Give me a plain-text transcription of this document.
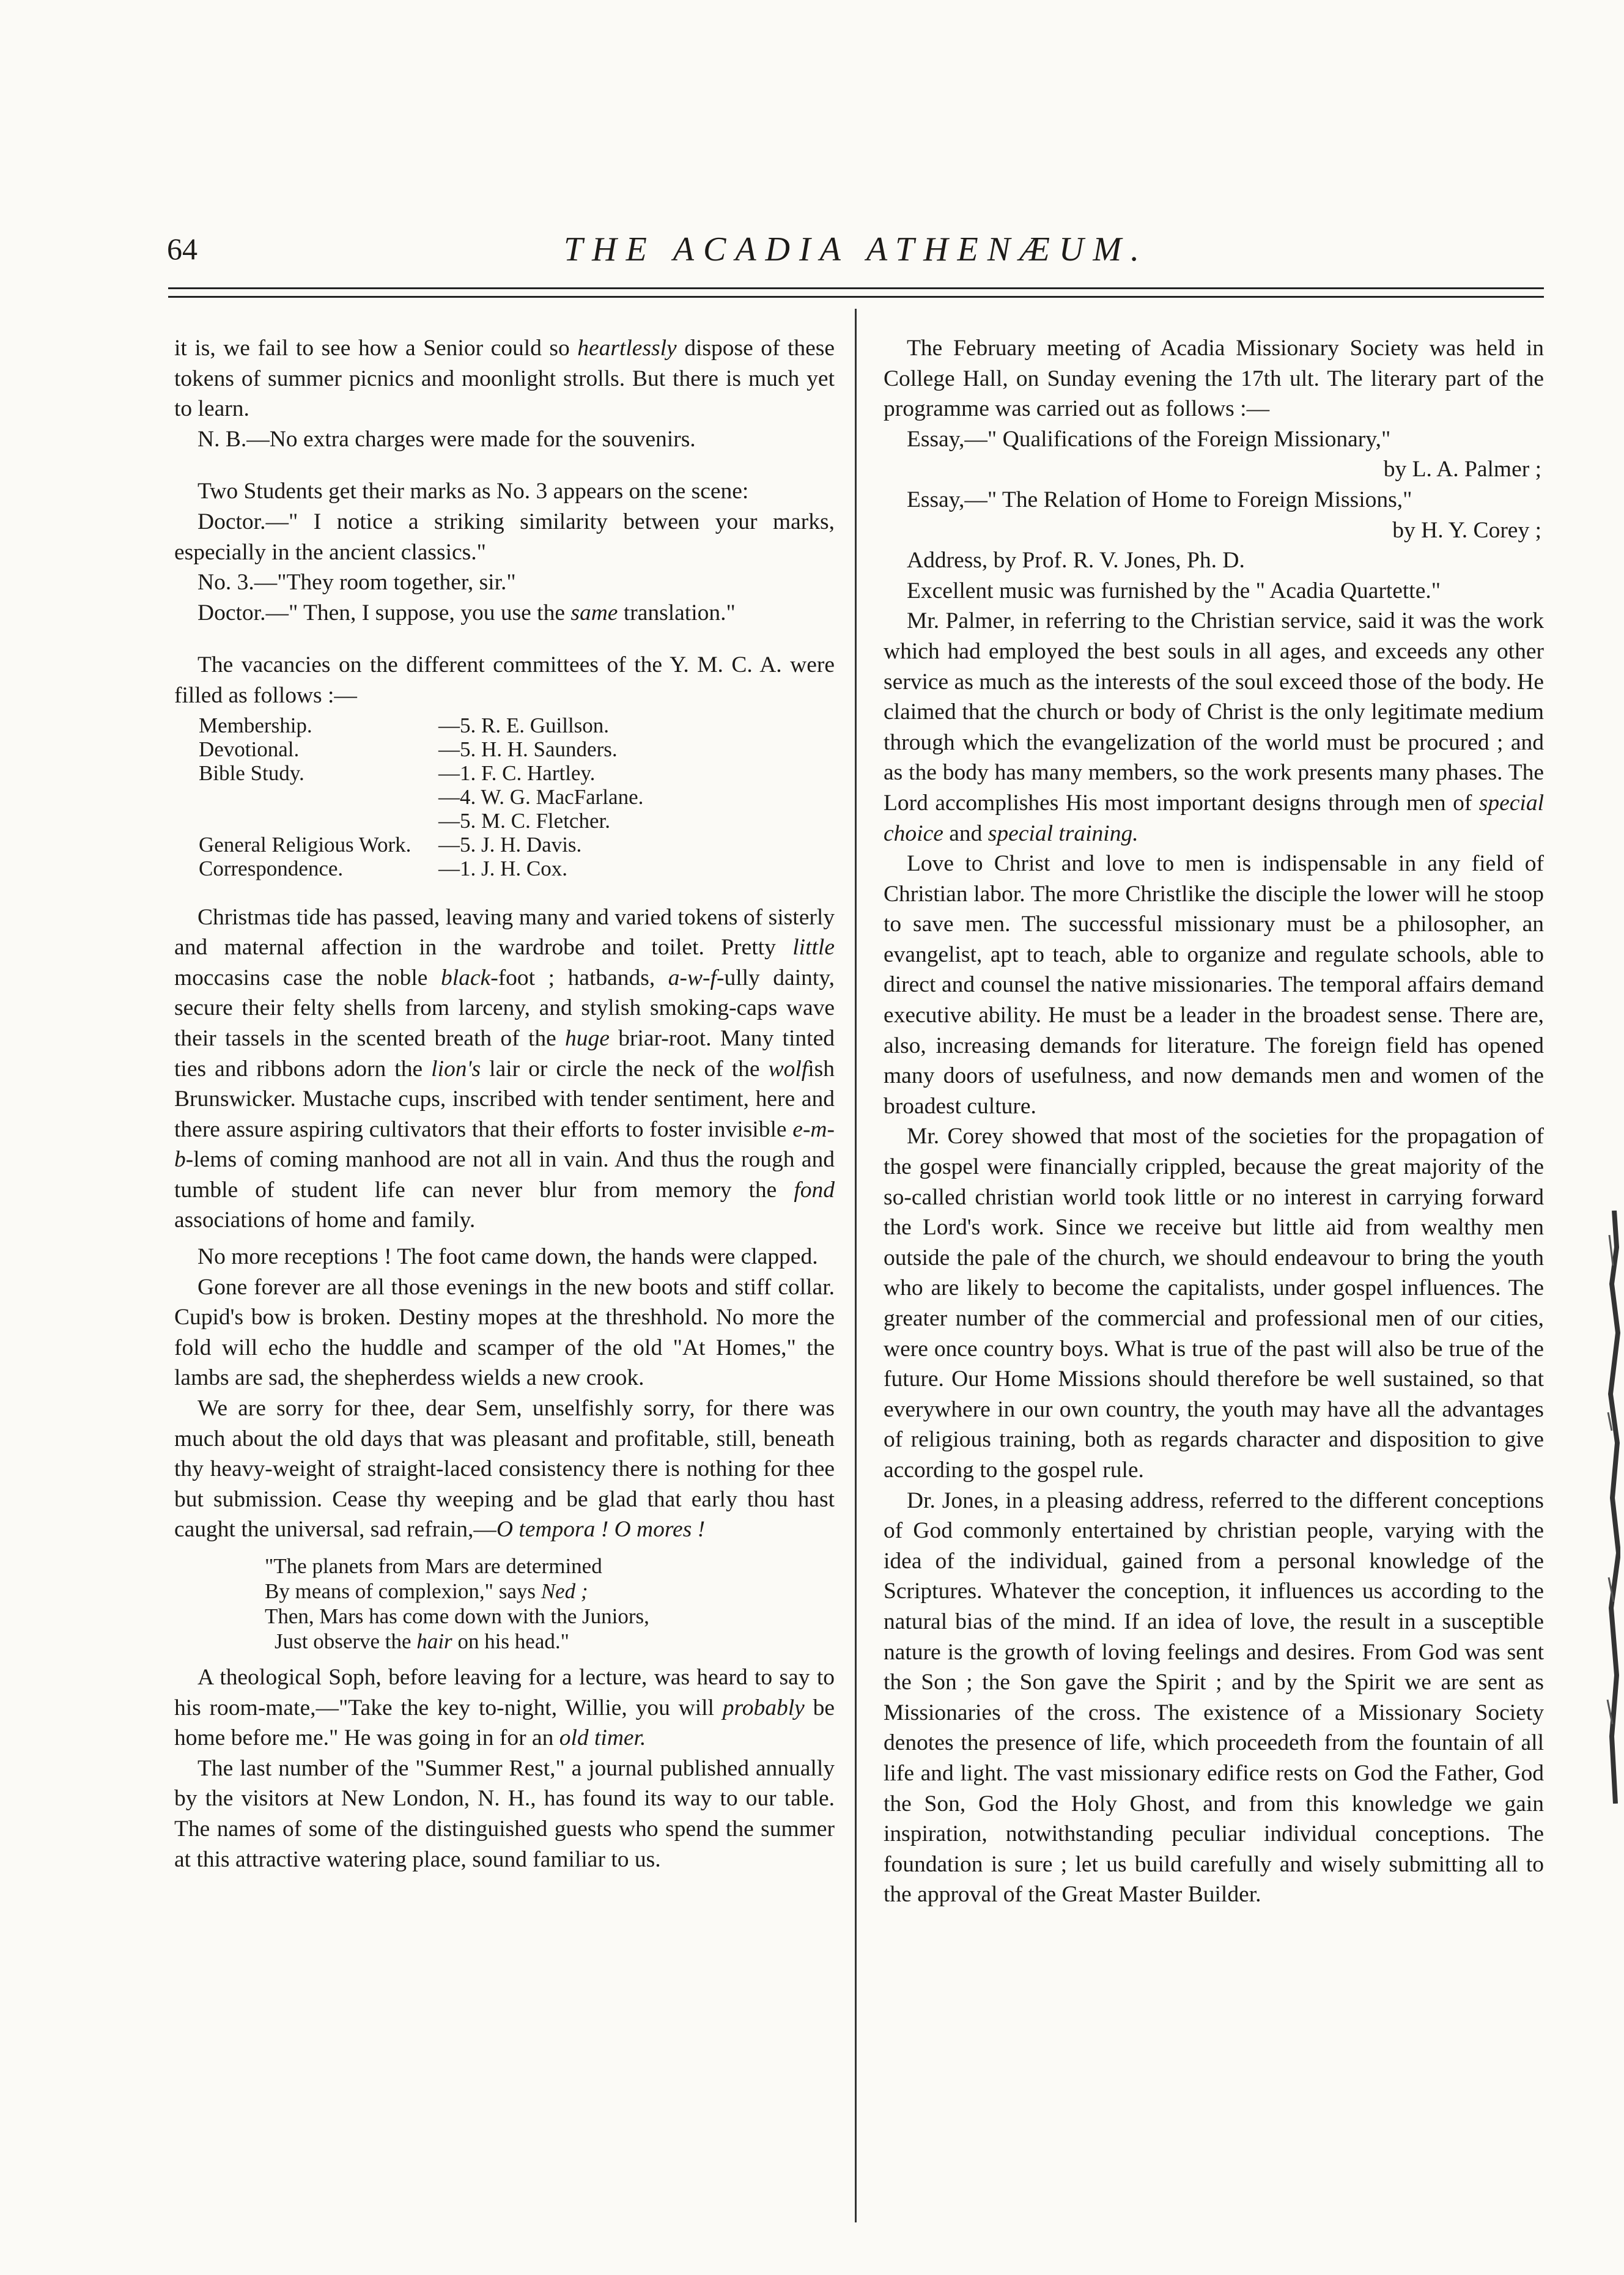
64	THE ACADIA ATHENÆUM.

it is, we fail to see how a Senior could so heartlessly dispose of these tokens of summer picnics and moonlight strolls. But there is much yet to learn.

N. B.—No extra charges were made for the souvenirs.

Two Students get their marks as No. 3 appears on the scene:

Doctor.—" I notice a striking similarity between your marks, especially in the ancient classics."

No. 3.—"They room together, sir."

Doctor.—" Then, I suppose, you use the same translation."

The vacancies on the different committees of the Y. M. C. A. were filled as follows :—

Membership.	—5. R. E. Guillson.
Devotional.	—5. H. H. Saunders.
Bible Study.	—1. F. C. Hartley.
	—4. W. G. MacFarlane.
	—5. M. C. Fletcher.
General Religious Work.	—5. J. H. Davis.
Correspondence.	—1. J. H. Cox.

Christmas tide has passed, leaving many and varied tokens of sisterly and maternal affection in the wardrobe and toilet. Pretty little moccasins case the noble black-foot ; hatbands, a-w-f-ully dainty, secure their felty shells from larceny, and stylish smoking-caps wave their tassels in the scented breath of the huge briar-root. Many tinted ties and ribbons adorn the lion's lair or circle the neck of the wolfish Brunswicker. Mustache cups, inscribed with tender sentiment, here and there assure aspiring cultivators that their efforts to foster invisible e-m-b-lems of coming manhood are not all in vain. And thus the rough and tumble of student life can never blur from memory the fond associations of home and family.

No more receptions ! The foot came down, the hands were clapped.

Gone forever are all those evenings in the new boots and stiff collar. Cupid's bow is broken. Destiny mopes at the threshhold. No more the fold will echo the huddle and scamper of the old "At Homes," the lambs are sad, the shepherdess wields a new crook.

We are sorry for thee, dear Sem, unselfishly sorry, for there was much about the old days that was pleasant and profitable, still, beneath thy heavy-weight of straight-laced consistency there is nothing for thee but submission. Cease thy weeping and be glad that early thou hast caught the universal, sad refrain,—O tempora ! O mores !

"The planets from Mars are determined
By means of complexion," says Ned ;
Then, Mars has come down with the Juniors,
Just observe the hair on his head."

A theological Soph, before leaving for a lecture, was heard to say to his room-mate,—"Take the key to-night, Willie, you will probably be home before me." He was going in for an old timer.

The last number of the "Summer Rest," a journal published annually by the visitors at New London, N. H., has found its way to our table. The names of some of the distinguished guests who spend the summer at this attractive watering place, sound familiar to us.

The February meeting of Acadia Missionary Society was held in College Hall, on Sunday evening the 17th ult. The literary part of the programme was carried out as follows :—

Essay,—" Qualifications of the Foreign Missionary,"

by L. A. Palmer ;

Essay,—" The Relation of Home to Foreign Missions,"

by H. Y. Corey ;

Address, by Prof. R. V. Jones, Ph. D.

Excellent music was furnished by the " Acadia Quartette."

Mr. Palmer, in referring to the Christian service, said it was the work which had employed the best souls in all ages, and exceeds any other service as much as the interests of the soul exceed those of the body. He claimed that the church or body of Christ is the only legitimate medium through which the evangelization of the world must be procured ; and as the body has many members, so the work presents many phases. The Lord accomplishes His most important designs through men of special choice and special training.

Love to Christ and love to men is indispensable in any field of Christian labor. The more Christlike the disciple the lower will he stoop to save men. The successful missionary must be a philosopher, an evangelist, apt to teach, able to organize and regulate schools, able to direct and counsel the native missionaries. The temporal affairs demand executive ability. He must be a leader in the broadest sense. There are, also, increasing demands for literature. The foreign field has opened many doors of usefulness, and now demands men and women of the broadest culture.

Mr. Corey showed that most of the societies for the propagation of the gospel were financially crippled, because the great majority of the so-called christian world took little or no interest in carrying forward the Lord's work. Since we receive but little aid from wealthy men outside the pale of the church, we should endeavour to bring the youth who are likely to become the capitalists, under gospel influences. The greater number of the commercial and professional men of our cities, were once country boys. What is true of the past will also be true of the future. Our Home Missions should therefore be well sustained, so that everywhere in our own country, the youth may have all the advantages of religious training, both as regards character and disposition to give according to the gospel rule.

Dr. Jones, in a pleasing address, referred to the different conceptions of God commonly entertained by christian people, varying with the idea of the individual, gained from a personal knowledge of the Scriptures. Whatever the conception, it influences us according to the natural bias of the mind. If an idea of love, the result in a susceptible nature is the growth of loving feelings and desires. From God was sent the Son ; the Son gave the Spirit ; and by the Spirit we are sent as Missionaries of the cross. The existence of a Missionary Society denotes the presence of life, which proceedeth from the fountain of all life and light. The vast missionary edifice rests on God the Father, God the Son, God the Holy Ghost, and from this knowledge we gain inspiration, notwithstanding peculiar individual conceptions. The foundation is sure ; let us build carefully and wisely submitting all to the approval of the Great Master Builder.
